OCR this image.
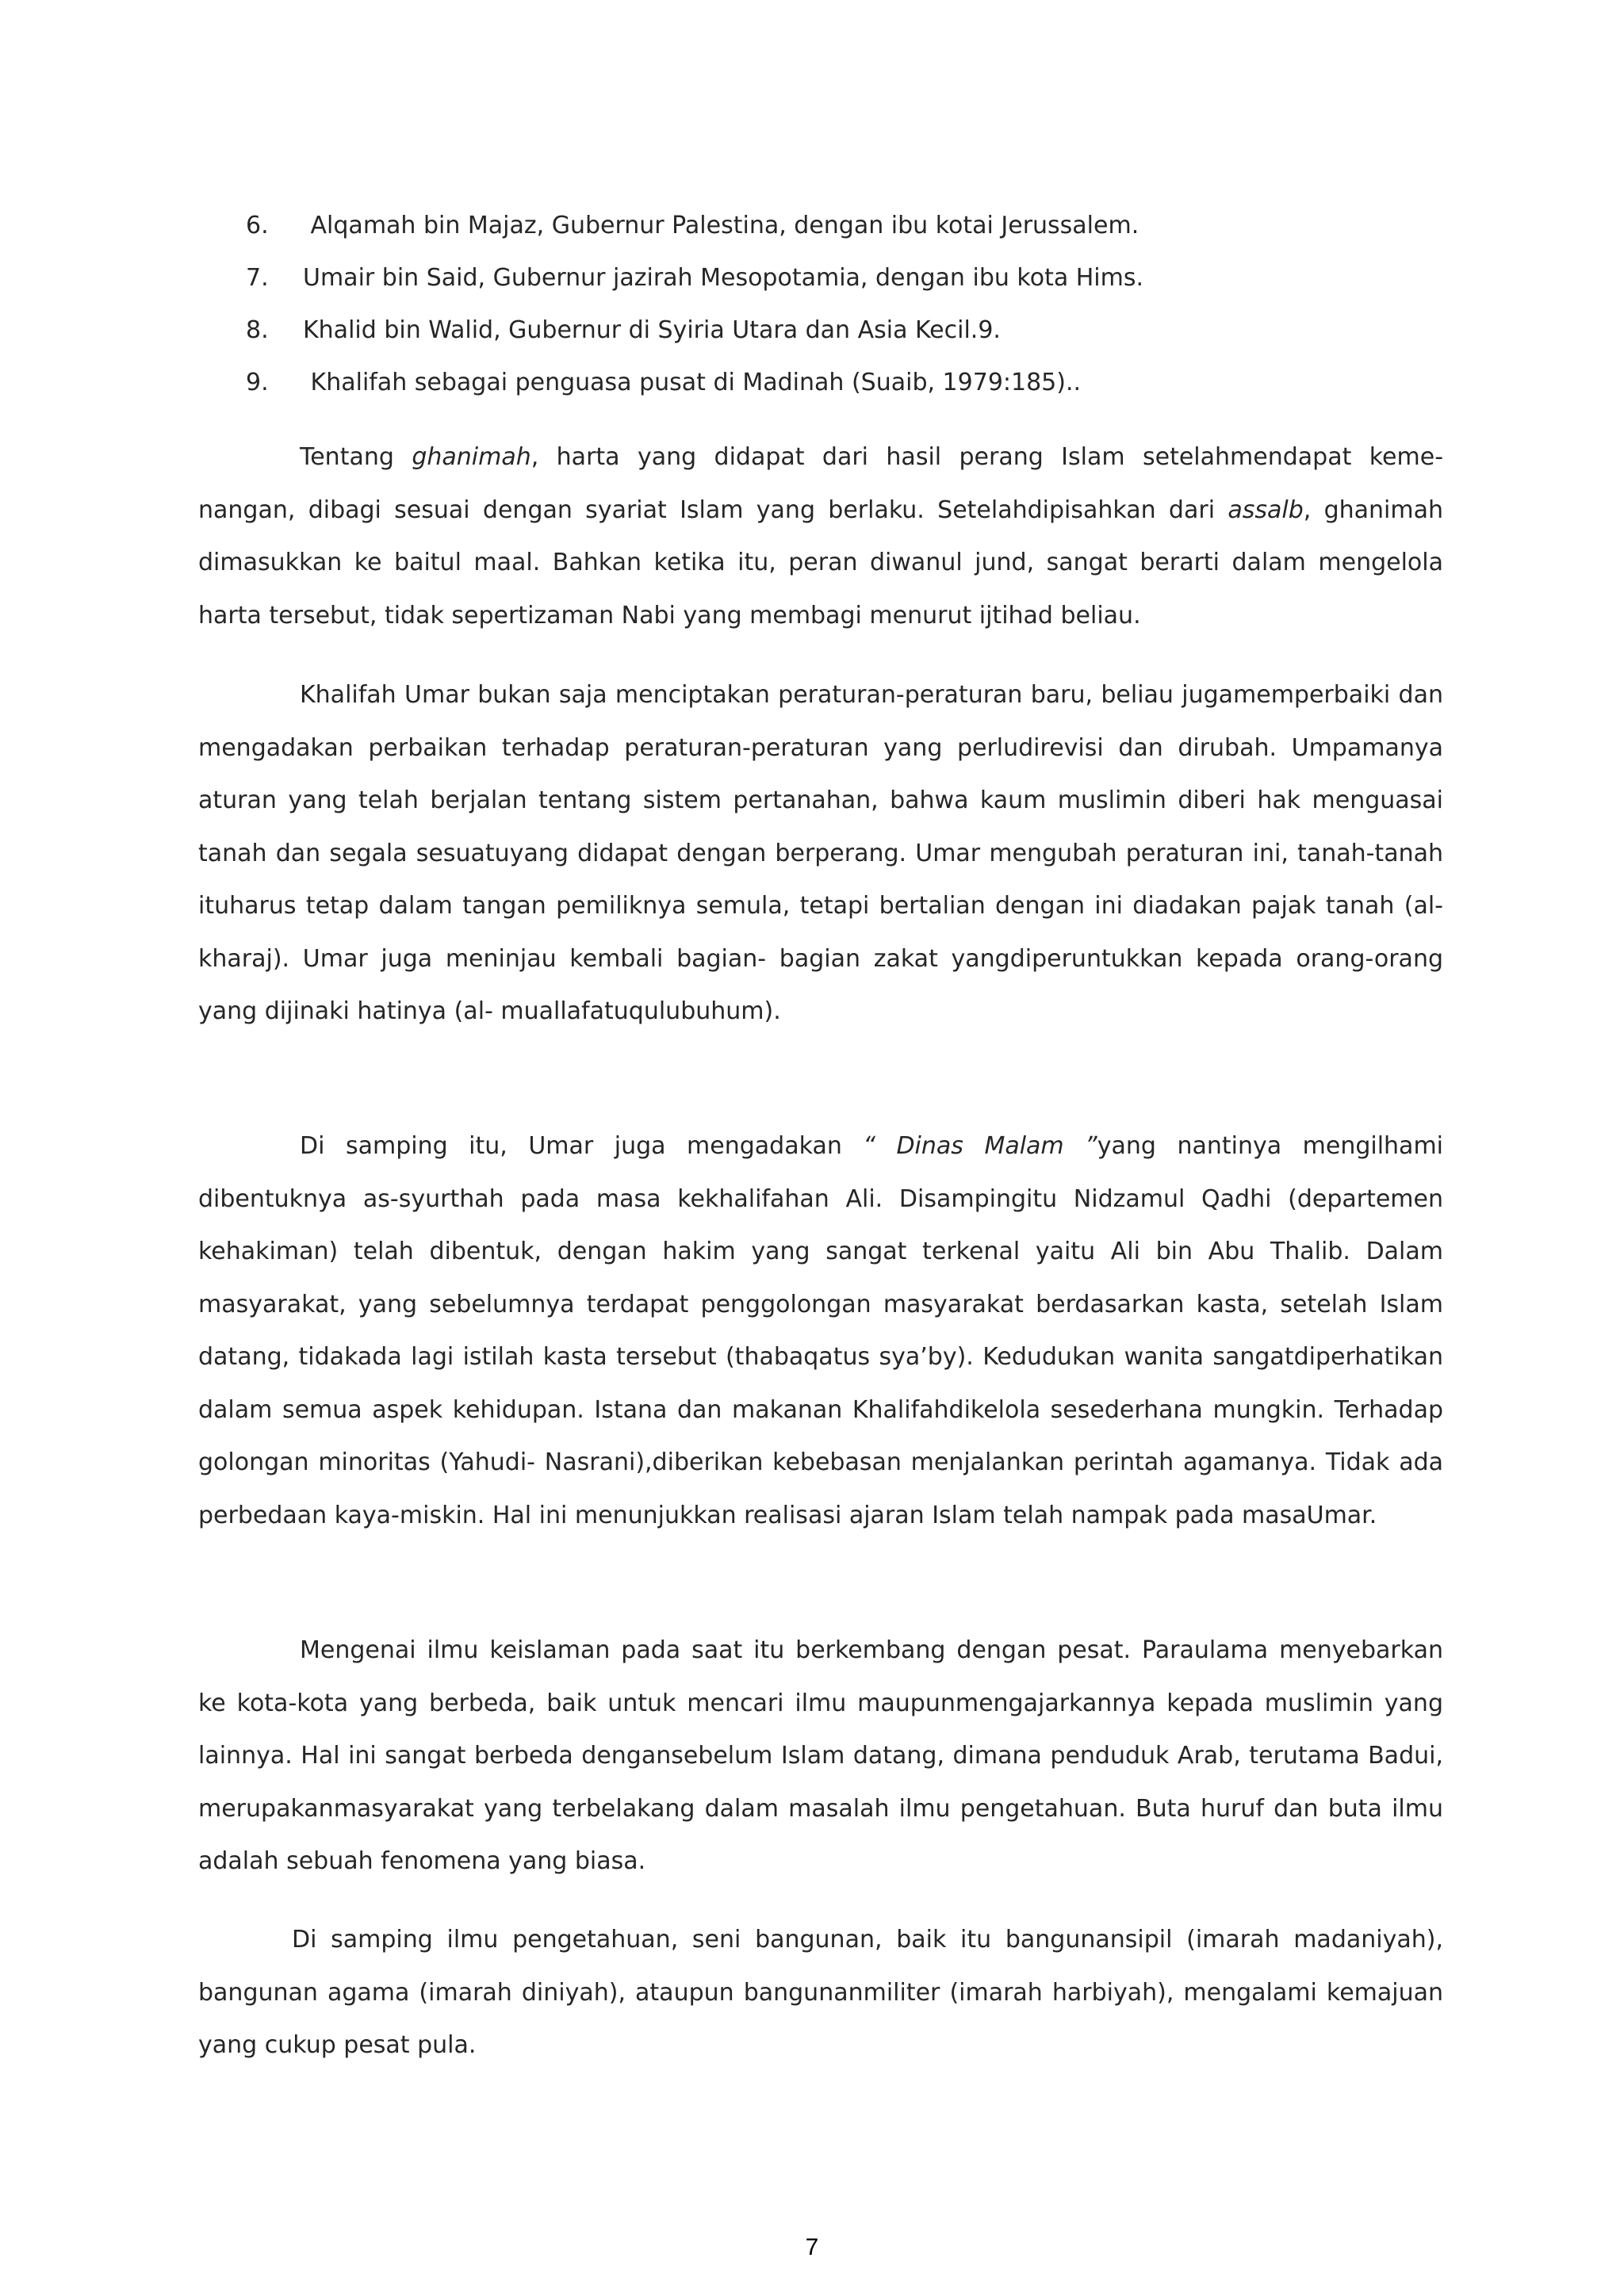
6. Alqamah bin Majaz, Gubernur Palestina, dengan ibu kotai Jerussalem.
7. Umair bin Said, Gubernur jazirah Mesopotamia, dengan ibu kota Hims.
8. Khalid bin Walid, Gubernur di Syiria Utara dan Asia Kecil.9.
9. Khalifah sebagai penguasa pusat di Madinah (Suaib, 1979:185)..

Tentang ghanimah, harta yang didapat dari hasil perang Islam setelahmendapat keme- nangan, dibagi sesuai dengan syariat Islam yang berlaku. Setelahdipisahkan dari assalb, ghanimah dimasukkan ke baitul maal. Bahkan ketika itu, peran diwanul jund, sangat berarti dalam mengelola harta tersebut, tidak sepertizaman Nabi yang membagi menurut ijtihad beliau.

Khalifah Umar bukan saja menciptakan peraturan-peraturan baru, beliau jugamemperbaiki dan mengadakan perbaikan terhadap peraturan-peraturan yang perludirevisi dan dirubah. Umpamanya aturan yang telah berjalan tentang sistem pertanahan, bahwa kaum muslimin diberi hak menguasai tanah dan segala sesuatuyang didapat dengan berperang. Umar mengubah peraturan ini, tanah-tanah ituharus tetap dalam tangan pemiliknya semula, tetapi bertalian dengan ini diadakan pajak tanah (al-kharaj). Umar juga meninjau kembali bagian- bagian zakat yangdiperuntukkan kepada orang-orang yang dijinaki hatinya (al- muallafatuqulubuhum).

Di samping itu, Umar juga mengadakan “ Dinas Malam ”yang nantinya mengilhami dibentuknya as-syurthah pada masa kekhalifahan Ali. Disampingitu Nidzamul Qadhi (departemen kehakiman) telah dibentuk, dengan hakim yang sangat terkenal yaitu Ali bin Abu Thalib. Dalam masyarakat, yang sebelumnya terdapat penggolongan masyarakat berdasarkan kasta, setelah Islam datang, tidakada lagi istilah kasta tersebut (thabaqatus sya’by). Kedudukan wanita sangatdiperhatikan dalam semua aspek kehidupan. Istana dan makanan Khalifahdikelola sesederhana mungkin. Terhadap golongan minoritas (Yahudi- Nasrani),diberikan kebebasan menjalankan perintah agamanya. Tidak ada perbedaan kaya-miskin. Hal ini menunjukkan realisasi ajaran Islam telah nampak pada masaUmar.

Mengenai ilmu keislaman pada saat itu berkembang dengan pesat. Paraulama menyebarkan ke kota-kota yang berbeda, baik untuk mencari ilmu maupunmengajarkannya kepada muslimin yang lainnya. Hal ini sangat berbeda dengansebelum Islam datang, dimana penduduk Arab, terutama Badui, merupakanmasyarakat yang terbelakang dalam masalah ilmu pengetahuan. Buta huruf dan buta ilmu adalah sebuah fenomena yang biasa.

Di samping ilmu pengetahuan, seni bangunan, baik itu bangunansipil (imarah madaniyah), bangunan agama (imarah diniyah), ataupun bangunanmiliter (imarah harbiyah), mengalami kemajuan yang cukup pesat pula.

7
